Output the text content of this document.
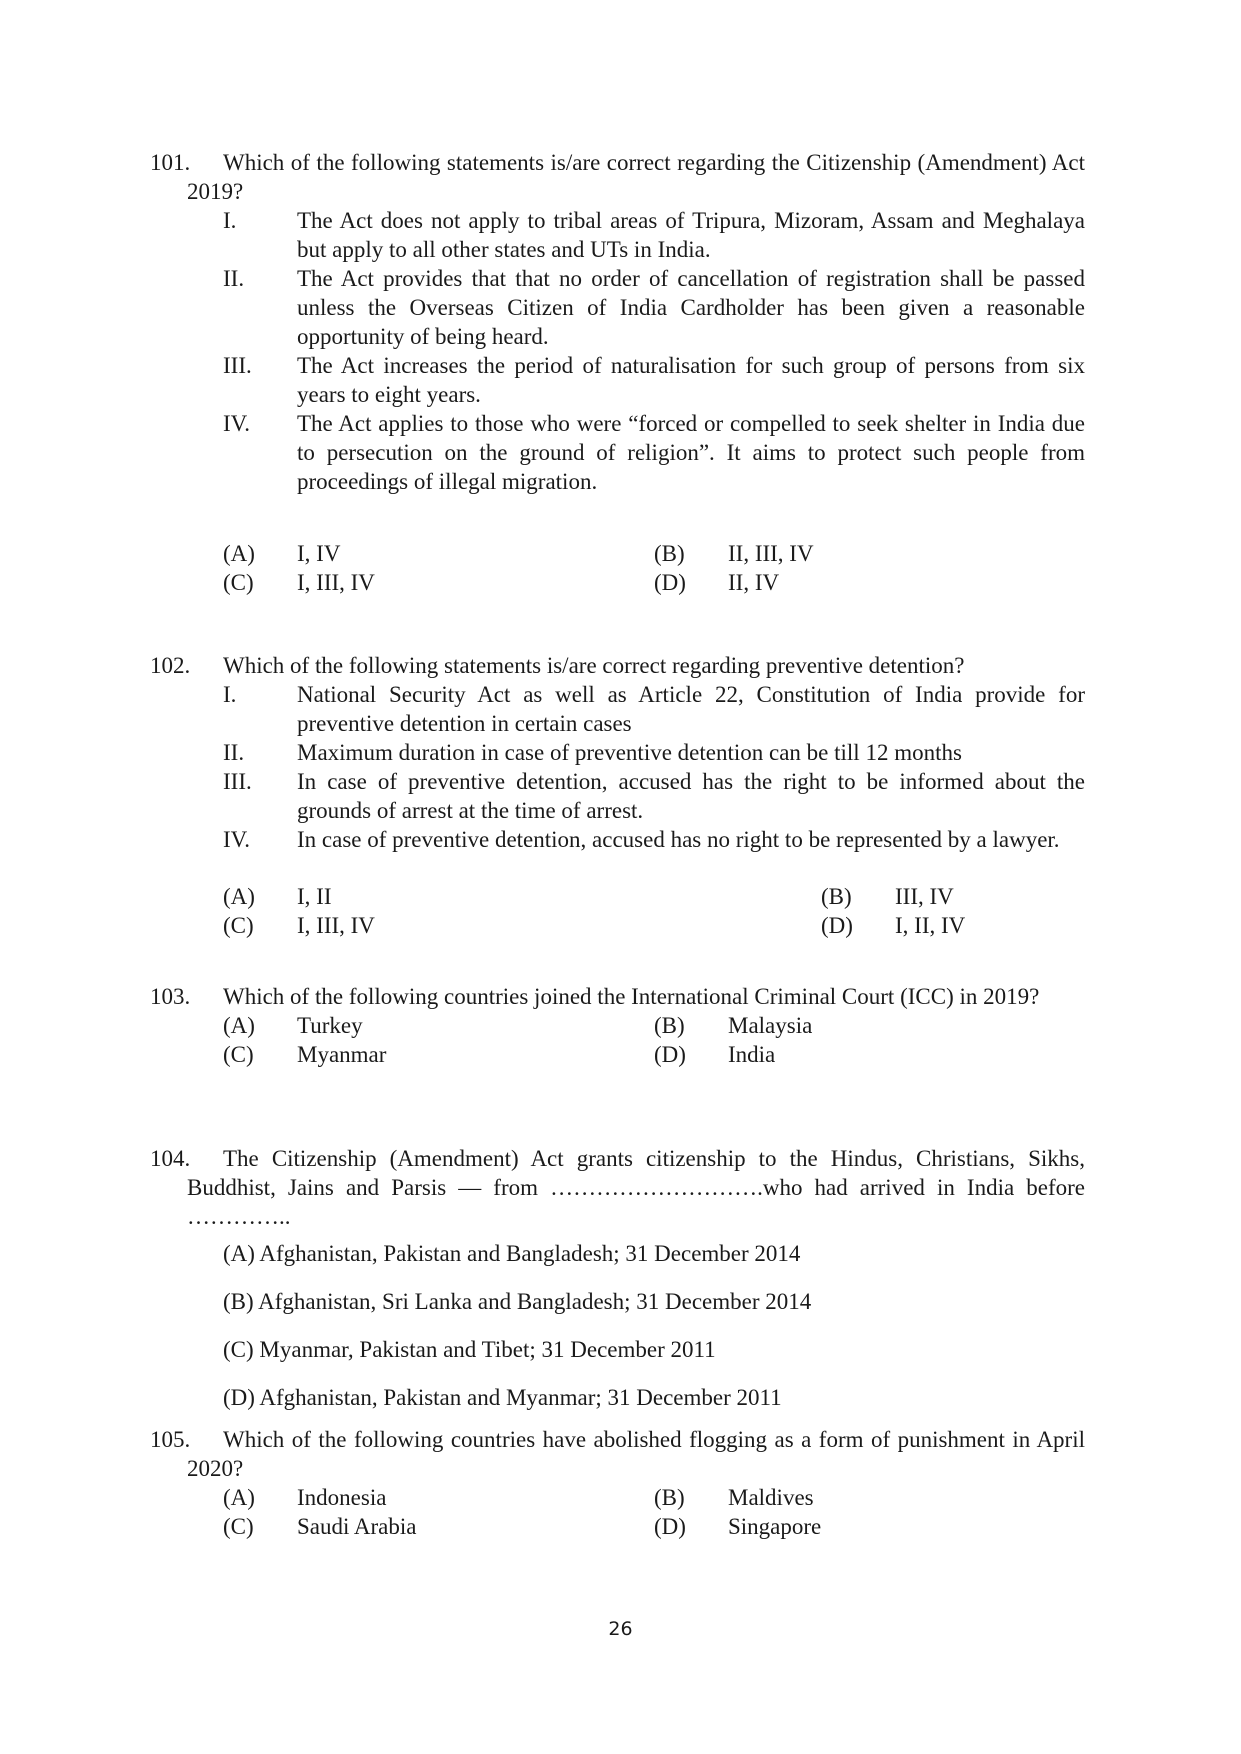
101. Which of the following statements is/are correct regarding the Citizenship (Amendment) Act 2019?
I.	The Act does not apply to tribal areas of Tripura, Mizoram, Assam and Meghalaya but apply to all other states and UTs in India.
II.	The Act provides that that no order of cancellation of registration shall be passed unless the Overseas Citizen of India Cardholder has been given a reasonable opportunity of being heard.
III.	The Act increases the period of naturalisation for such group of persons from six years to eight years.
IV.	The Act applies to those who were “forced or compelled to seek shelter in India due to persecution on the ground of religion”. It aims to protect such people from proceedings of illegal migration.
(A)	I, IV	(B)	II, III, IV
(C)	I, III, IV	(D)	II, IV
102. Which of the following statements is/are correct regarding preventive detention?
I.	National Security Act as well as Article 22, Constitution of India provide for preventive detention in certain cases
II.	Maximum duration in case of preventive detention can be till 12 months
III.	In case of preventive detention, accused has the right to be informed about the grounds of arrest at the time of arrest.
IV.	In case of preventive detention, accused has no right to be represented by a lawyer.
(A)	I, II	(B)	III, IV
(C)	I, III, IV	(D)	I, II, IV
103. Which of the following countries joined the International Criminal Court (ICC) in 2019?
(A)	Turkey	(B)	Malaysia
(C)	Myanmar	(D)	India
104. The Citizenship (Amendment) Act grants citizenship to the Hindus, Christians, Sikhs, Buddhist, Jains and Parsis — from ……………………….who had arrived in India before …………..
(A) Afghanistan, Pakistan and Bangladesh; 31 December 2014
(B) Afghanistan, Sri Lanka and Bangladesh; 31 December 2014
(C) Myanmar, Pakistan and Tibet; 31 December 2011
(D) Afghanistan, Pakistan and Myanmar; 31 December 2011
105. Which of the following countries have abolished flogging as a form of punishment in April 2020?
(A)	Indonesia	(B)	Maldives
(C)	Saudi Arabia	(D)	Singapore
26
